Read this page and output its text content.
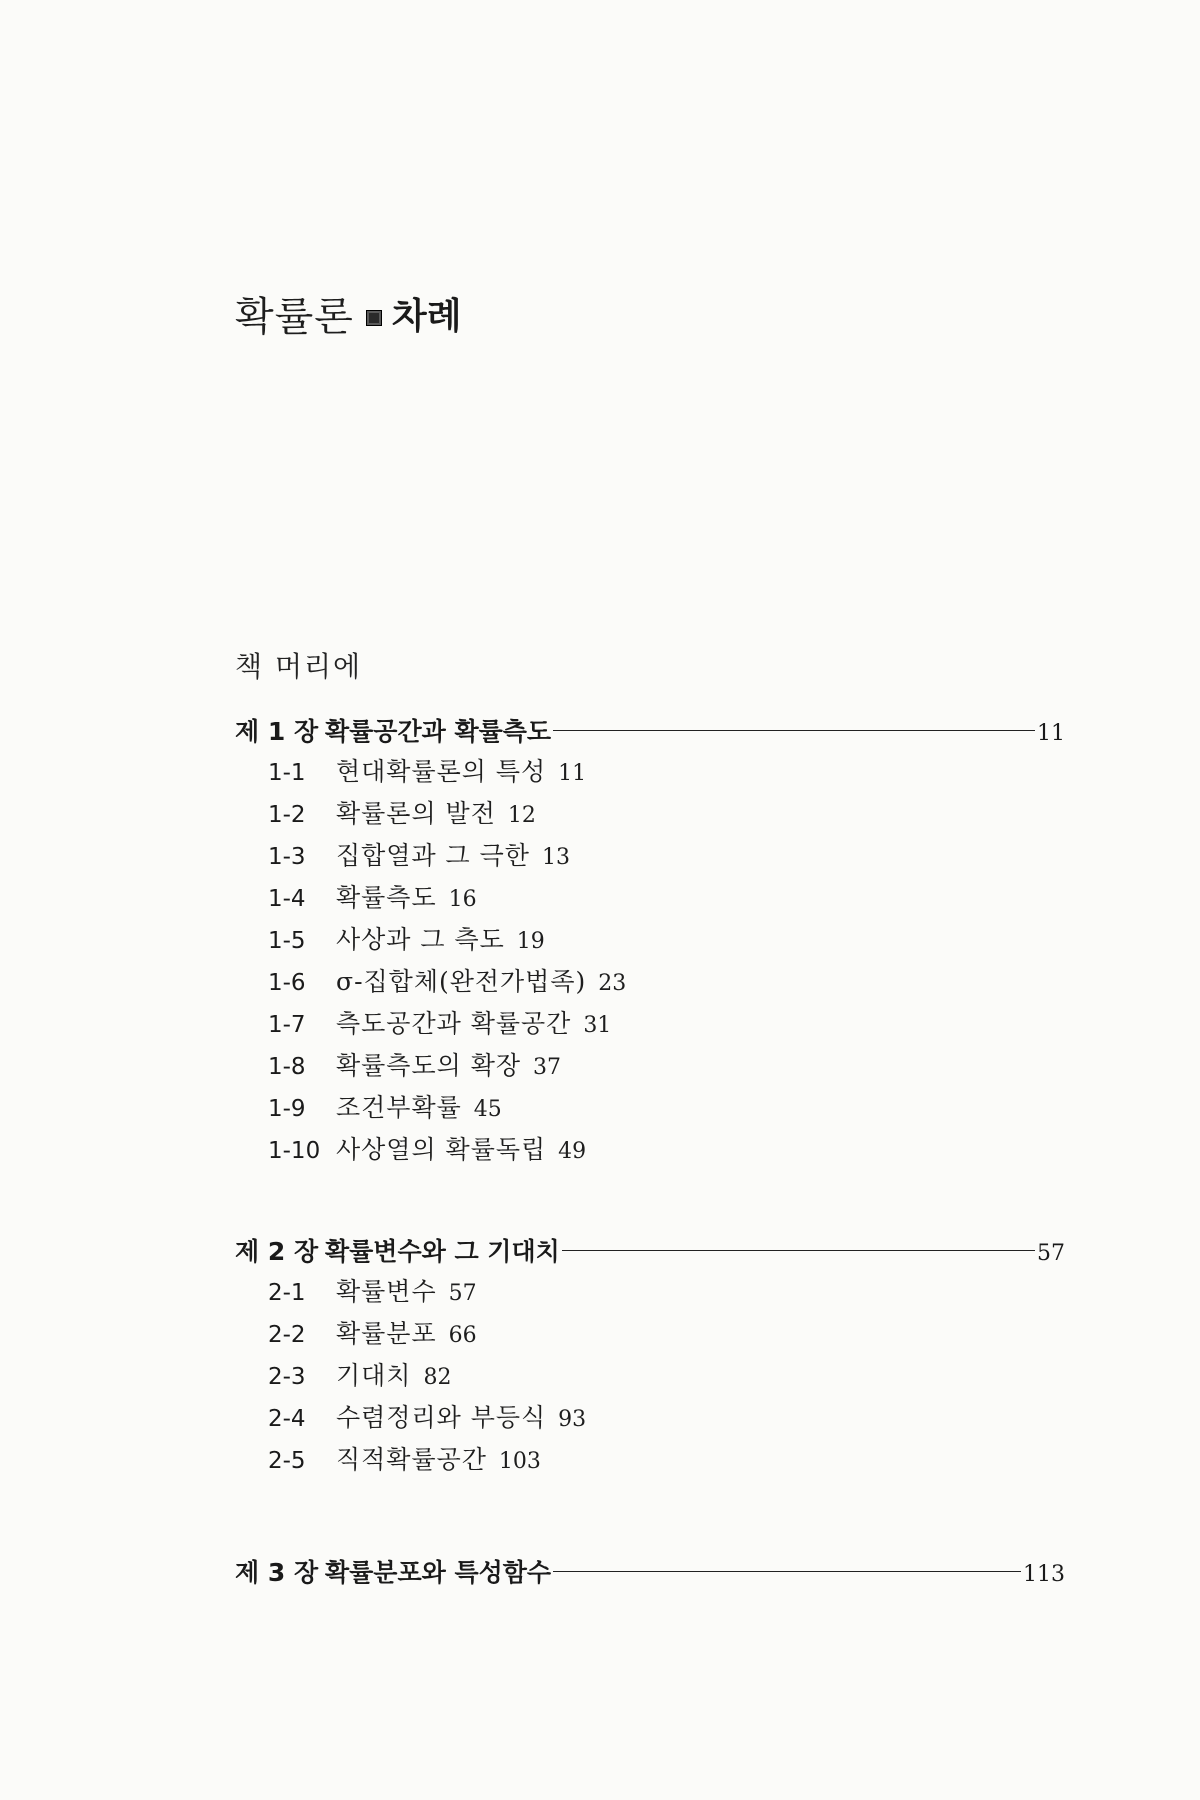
확률론 차례
책 머리에
제 1 장 확률공간과 확률측도	11
1-1	현대확률론의 특성 11
1-2	확률론의 발전 12
1-3	집합열과 그 극한 13
1-4	확률측도 16
1-5	사상과 그 측도 19
1-6	σ-집합체(완전가법족) 23
1-7	측도공간과 확률공간 31
1-8	확률측도의 확장 37
1-9	조건부확률 45
1-10 사상열의 확률독립 49
제 2 장 확률변수와 그 기대치	57
2-1	확률변수 57
2-2	확률분포 66
2-3	기대치 82
2-4	수렴정리와 부등식 93
2-5	직적확률공간 103
제 3 장 확률분포와 특성함수	113
